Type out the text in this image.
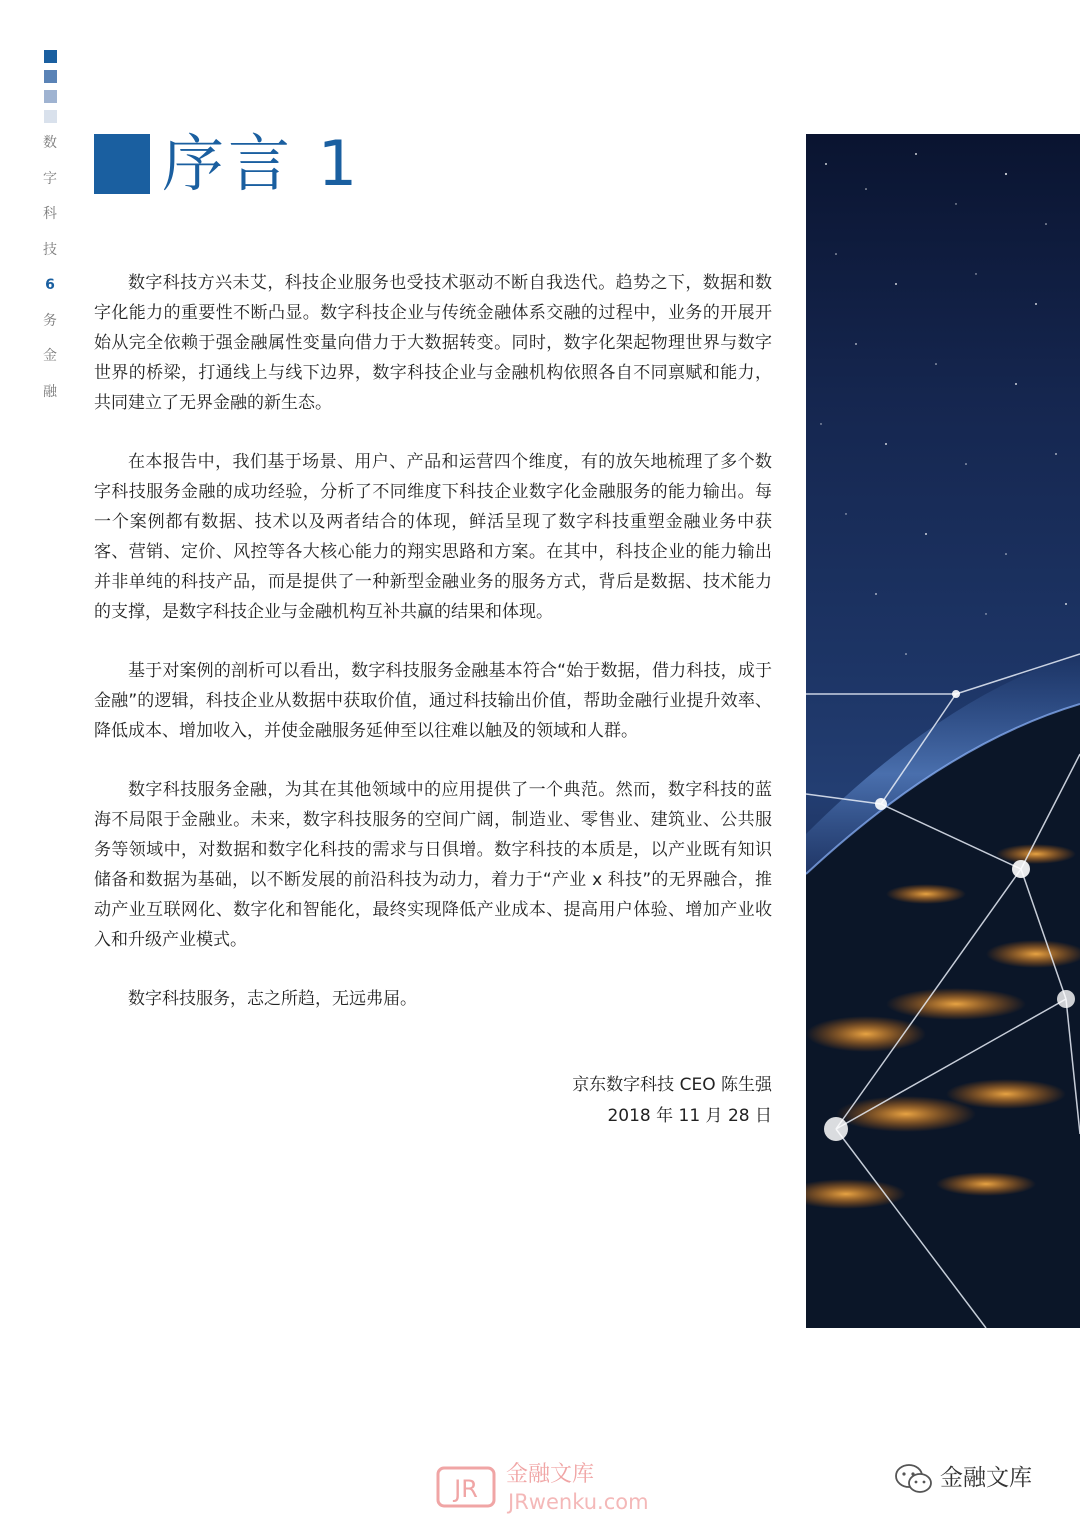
数
字
科
技
6
务
金
融
序言 1

数字科技方兴未艾，科技企业服务也受技术驱动不断自我迭代。趋势之下，数据和数字化能力的重要性不断凸显。数字科技企业与传统金融体系交融的过程中，业务的开展开始从完全依赖于强金融属性变量向借力于大数据转变。同时，数字化架起物理世界与数字世界的桥梁，打通线上与线下边界，数字科技企业与金融机构依照各自不同禀赋和能力，共同建立了无界金融的新生态。

在本报告中，我们基于场景、用户、产品和运营四个维度，有的放矢地梳理了多个数字科技服务金融的成功经验，分析了不同维度下科技企业数字化金融服务的能力输出。每一个案例都有数据、技术以及两者结合的体现，鲜活呈现了数字科技重塑金融业务中获客、营销、定价、风控等各大核心能力的翔实思路和方案。在其中，科技企业的能力输出并非单纯的科技产品，而是提供了一种新型金融业务的服务方式，背后是数据、技术能力的支撑，是数字科技企业与金融机构互补共赢的结果和体现。

基于对案例的剖析可以看出，数字科技服务金融基本符合“始于数据，借力科技，成于金融”的逻辑，科技企业从数据中获取价值，通过科技输出价值，帮助金融行业提升效率、降低成本、增加收入，并使金融服务延伸至以往难以触及的领域和人群。

数字科技服务金融，为其在其他领域中的应用提供了一个典范。然而，数字科技的蓝海不局限于金融业。未来，数字科技服务的空间广阔，制造业、零售业、建筑业、公共服务等领域中，对数据和数字化科技的需求与日俱增。数字科技的本质是，以产业既有知识储备和数据为基础，以不断发展的前沿科技为动力，着力于“产业 x 科技”的无界融合，推动产业互联网化、数字化和智能化，最终实现降低产业成本、提高用户体验、增加产业收入和升级产业模式。

数字科技服务，志之所趋，无远弗届。

京东数字科技 CEO 陈生强
2018 年 11 月 28 日
JR
金融文库
JRwenku.com
金融文库
